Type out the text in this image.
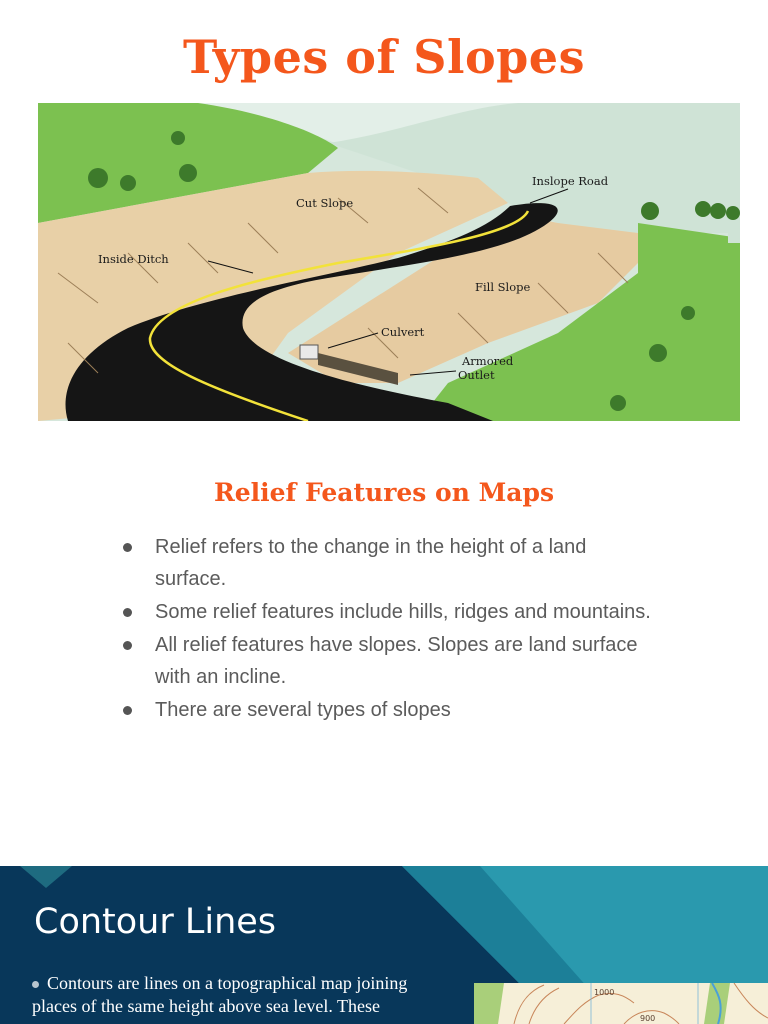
Types of Slopes
Cut Slope
Inslope Road
Inside Ditch
Fill Slope
Culvert
Armored
Outlet
Relief Features on Maps
Relief refers to the change in the height of a land surface.
Some relief features include hills, ridges and mountains.
All relief features have slopes. Slopes are land surface with an incline.
There are several types of slopes
Contour Lines
Contours are lines on a topographical map joining places of the same height above sea level. These
1000
900
